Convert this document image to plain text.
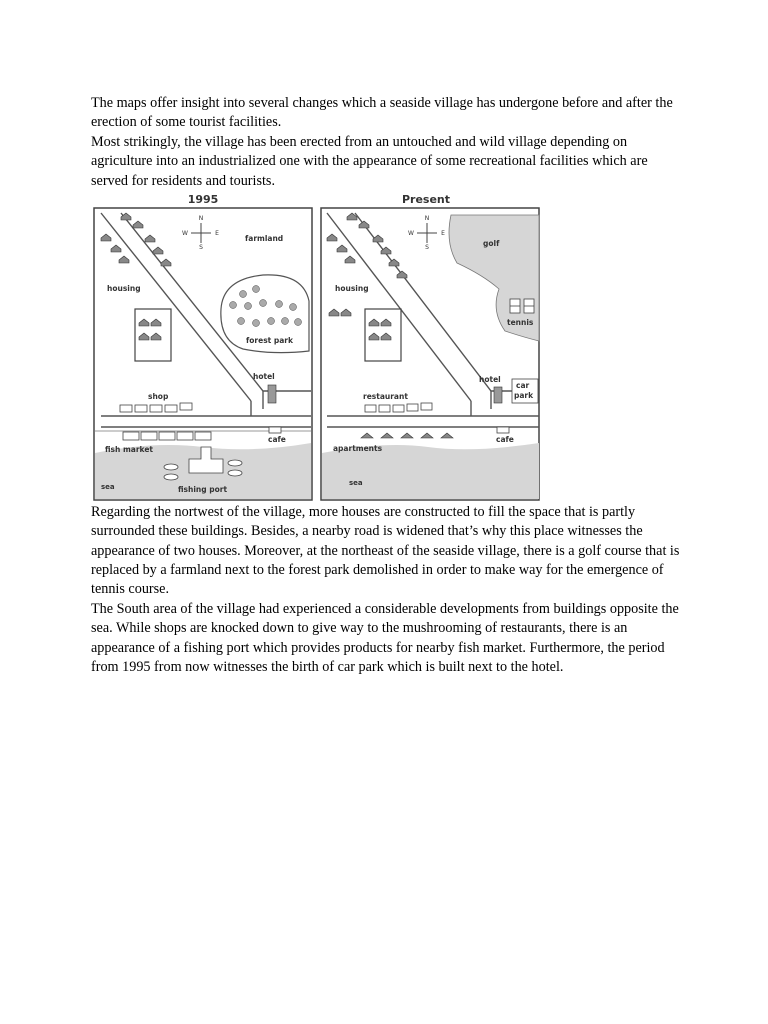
The maps offer insight into several changes which a seaside village has undergone before and after the erection of some tourist facilities.

Most strikingly, the village has been erected from an untouched and wild village depending on agriculture into an industrialized one with the appearance of some recreational facilities which are served for residents and tourists.

1995
N
S
W	E
housing
farmland
forest park
hotel
shop
fish market
cafe
sea	fishing port
Present
N
S
W	E
housing
golf
tennis
hotel
car
park
restaurant
apartments
cafe
sea

Regarding the nortwest of the village, more houses are constructed to fill the space that is partly surrounded these buildings. Besides, a nearby road is widened that’s why this place witnesses the appearance of two houses. Moreover, at the northeast of the seaside village, there is a golf course that is replaced by a farmland next to the forest park demolished in order to make way for the emergence of tennis course.

The South area of the village had experienced a considerable developments from buildings opposite the sea. While shops are knocked down to give way to the mushrooming of restaurants, there is an appearance of a fishing port which provides products for nearby fish market. Furthermore, the period from 1995 from now witnesses the birth of car park which is built next to the hotel.
